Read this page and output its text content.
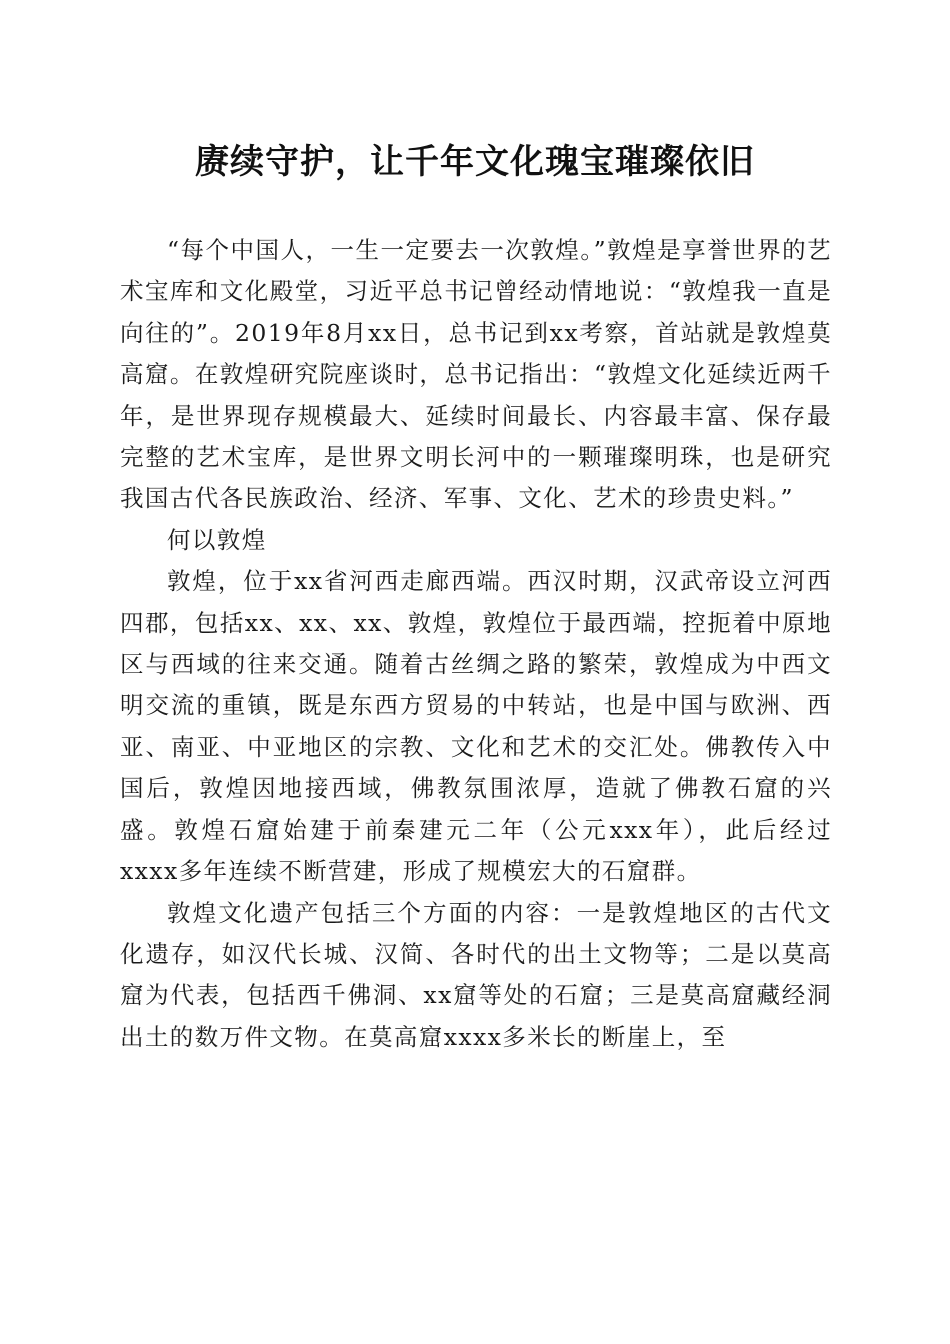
赓续守护，让千年文化瑰宝璀璨依旧

“每个中国人，一生一定要去一次敦煌。”敦煌是享誉世界的艺术宝库和文化殿堂，习近平总书记曾经动情地说：“敦煌我一直是向往的”。2019年8月xx日，总书记到xx考察，首站就是敦煌莫高窟。在敦煌研究院座谈时，总书记指出：“敦煌文化延续近两千年，是世界现存规模最大、延续时间最长、内容最丰富、保存最完整的艺术宝库，是世界文明长河中的一颗璀璨明珠，也是研究我国古代各民族政治、经济、军事、文化、艺术的珍贵史料。”

何以敦煌

敦煌，位于xx省河西走廊西端。西汉时期，汉武帝设立河西四郡，包括xx、xx、xx、敦煌，敦煌位于最西端，控扼着中原地区与西域的往来交通。随着古丝绸之路的繁荣，敦煌成为中西文明交流的重镇，既是东西方贸易的中转站，也是中国与欧洲、西亚、南亚、中亚地区的宗教、文化和艺术的交汇处。佛教传入中国后，敦煌因地接西域，佛教氛围浓厚，造就了佛教石窟的兴盛。敦煌石窟始建于前秦建元二年（公元xxx年），此后经过xxxx多年连续不断营建，形成了规模宏大的石窟群。

敦煌文化遗产包括三个方面的内容：一是敦煌地区的古代文化遗存，如汉代长城、汉简、各时代的出土文物等；二是以莫高窟为代表，包括西千佛洞、xx窟等处的石窟；三是莫高窟藏经洞出土的数万件文物。在莫高窟xxxx多米长的断崖上，至
